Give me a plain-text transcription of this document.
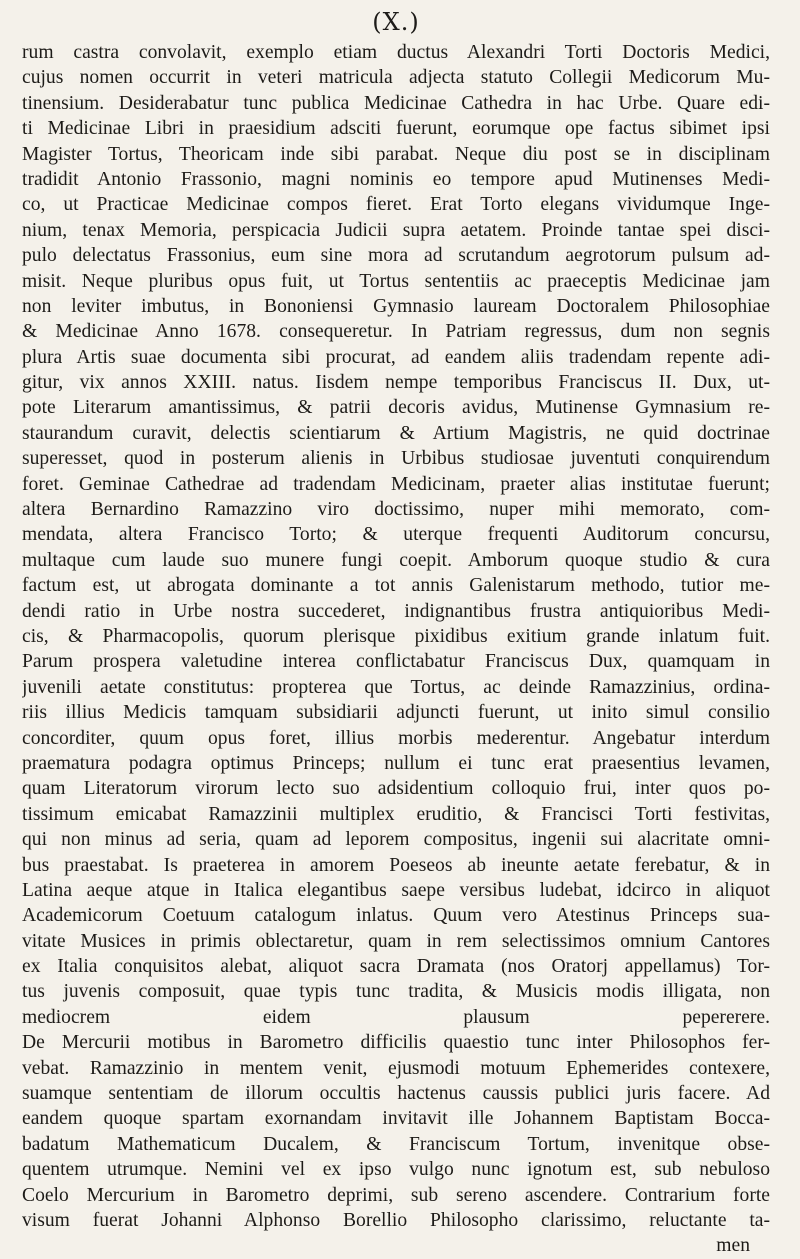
(X.)
rum castra convolavit, exemplo etiam ductus Alexandri Torti Doctoris Medici,
cujus nomen occurrit in veteri matricula adjecta statuto Collegii Medicorum Mu-
tinensium. Desiderabatur tunc publica Medicinae Cathedra in hac Urbe. Quare edi-
ti Medicinae Libri in praesidium adsciti fuerunt, eorumque ope factus sibimet ipsi
Magister Tortus, Theoricam inde sibi parabat. Neque diu post se in disciplinam
tradidit Antonio Frassonio, magni nominis eo tempore apud Mutinenses Medi-
co, ut Practicae Medicinae compos fieret. Erat Torto elegans vividumque Inge-
nium, tenax Memoria, perspicacia Judicii supra aetatem. Proinde tantae spei disci-
pulo delectatus Frassonius, eum sine mora ad scrutandum aegrotorum pulsum ad-
misit. Neque pluribus opus fuit, ut Tortus sententiis ac praeceptis Medicinae jam
non leviter imbutus, in Bononiensi Gymnasio lauream Doctoralem Philosophiae
& Medicinae Anno 1678. consequeretur. In Patriam regressus, dum non segnis
plura Artis suae documenta sibi procurat, ad eandem aliis tradendam repente adi-
gitur, vix annos XXIII. natus. Iisdem nempe temporibus Franciscus II. Dux, ut-
pote Literarum amantissimus, & patrii decoris avidus, Mutinense Gymnasium re-
staurandum curavit, delectis scientiarum & Artium Magistris, ne quid doctrinae
superesset, quod in posterum alienis in Urbibus studiosae juventuti conquirendum
foret. Geminae Cathedrae ad tradendam Medicinam, praeter alias institutae fuerunt;
altera Bernardino Ramazzino viro doctissimo, nuper mihi memorato, com-
mendata, altera Francisco Torto; & uterque frequenti Auditorum concursu,
multaque cum laude suo munere fungi coepit. Amborum quoque studio & cura
factum est, ut abrogata dominante a tot annis Galenistarum methodo, tutior me-
dendi ratio in Urbe nostra succederet, indignantibus frustra antiquioribus Medi-
cis, & Pharmacopolis, quorum plerisque pixidibus exitium grande inlatum fuit.
Parum prospera valetudine interea conflictabatur Franciscus Dux, quamquam in
juvenili aetate constitutus: propterea que Tortus, ac deinde Ramazzinius, ordina-
riis illius Medicis tamquam subsidiarii adjuncti fuerunt, ut inito simul consilio
concorditer, quum opus foret, illius morbis mederentur. Angebatur interdum
praematura podagra optimus Princeps; nullum ei tunc erat praesentius levamen,
quam Literatorum virorum lecto suo adsidentium colloquio frui, inter quos po-
tissimum emicabat Ramazzinii multiplex eruditio, & Francisci Torti festivitas,
qui non minus ad seria, quam ad leporem compositus, ingenii sui alacritate omni-
bus praestabat. Is praeterea in amorem Poeseos ab ineunte aetate ferebatur, & in
Latina aeque atque in Italica elegantibus saepe versibus ludebat, idcirco in aliquot
Academicorum Coetuum catalogum inlatus. Quum vero Atestinus Princeps sua-
vitate Musices in primis oblectaretur, quam in rem selectissimos omnium Cantores
ex Italia conquisitos alebat, aliquot sacra Dramata (nos Oratorj appellamus) Tor-
tus juvenis composuit, quae typis tunc tradita, & Musicis modis illigata, non
mediocrem eidem plausum pepererere.
De Mercurii motibus in Barometro difficilis quaestio tunc inter Philosophos fer-
vebat. Ramazzinio in mentem venit, ejusmodi motuum Ephemerides contexere,
suamque sententiam de illorum occultis hactenus caussis publici juris facere. Ad
eandem quoque spartam exornandam invitavit ille Johannem Baptistam Bocca-
badatum Mathematicum Ducalem, & Franciscum Tortum, invenitque obse-
quentem utrumque. Nemini vel ex ipso vulgo nunc ignotum est, sub nebuloso
Coelo Mercurium in Barometro deprimi, sub sereno ascendere. Contrarium forte
visum fuerat Johanni Alphonso Borellio Philosopho clarissimo, reluctante ta-
men
